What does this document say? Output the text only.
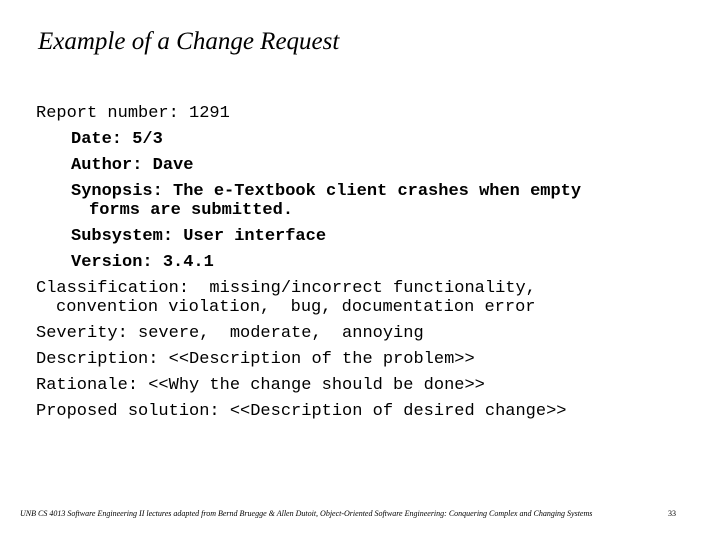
Example of a Change Request
Report number: 1291
Date: 5/3
Author: Dave
Synopsis: The e-Textbook client crashes when empty
forms are submitted.
Subsystem: User interface
Version: 3.4.1
Classification:  missing/incorrect functionality,
convention violation,  bug, documentation error
Severity: severe,  moderate,  annoying
Description: <<Description of the problem>>
Rationale: <<Why the change should be done>>
Proposed solution: <<Description of desired change>>
UNB CS 4013 Software Engineering II lectures adapted from Bernd Bruegge & Allen Dutoit, Object-Oriented Software Engineering: Conquering Complex and Changing Systems	33
